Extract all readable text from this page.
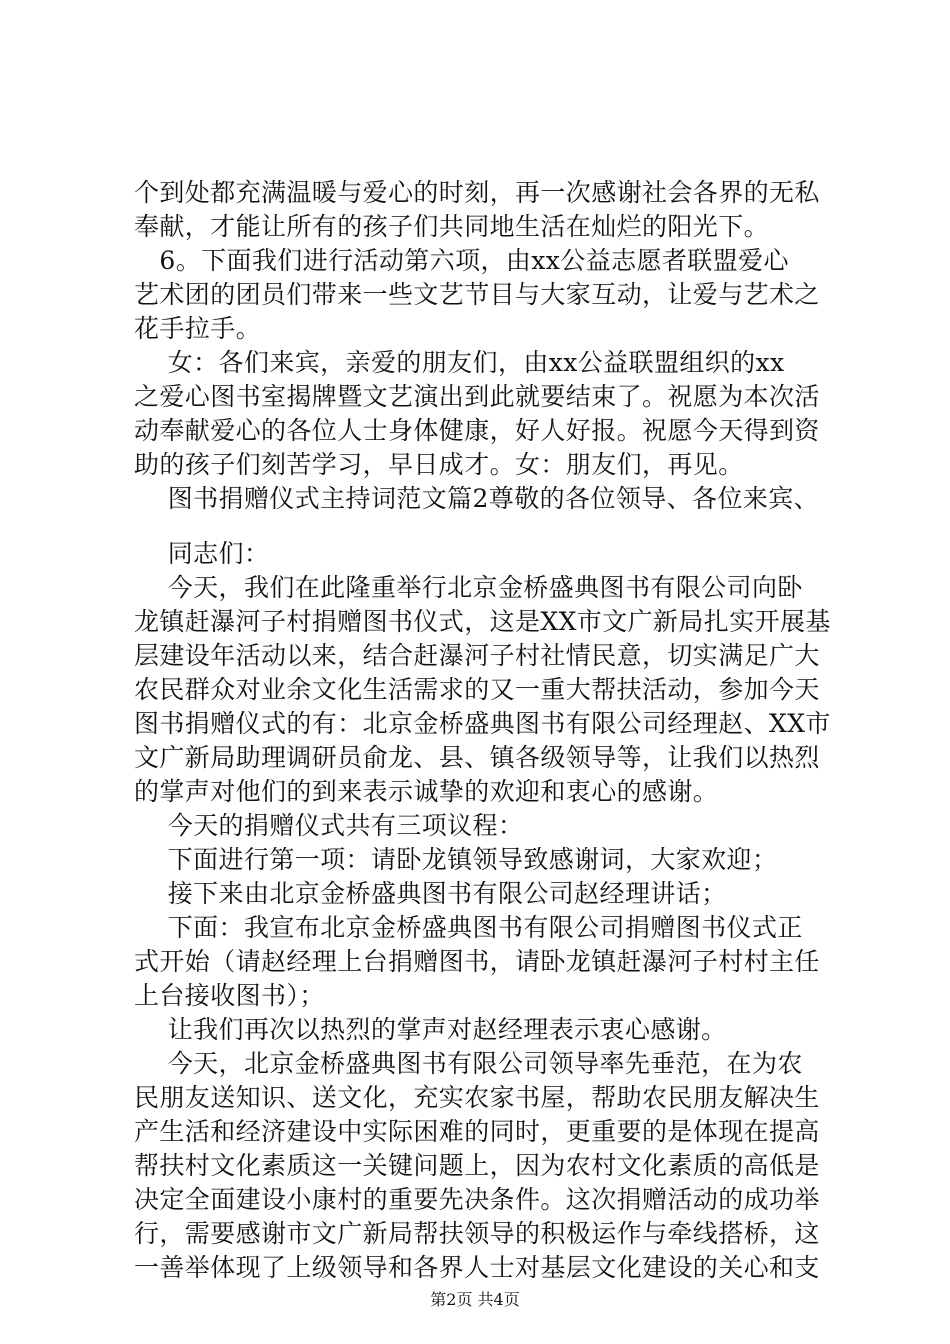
个到处都充满温暖与爱心的时刻，再一次感谢社会各界的无私
奉献，才能让所有的孩子们共同地生活在灿烂的阳光下。
　6。下面我们进行活动第六项，由xx公益志愿者联盟爱心
艺术团的团员们带来一些文艺节目与大家互动，让爱与艺术之
花手拉手。
　 女：各们来宾，亲爱的朋友们，由xx公益联盟组织的xx
之爱心图书室揭牌暨文艺演出到此就要结束了。祝愿为本次活
动奉献爱心的各位人士身体健康，好人好报。祝愿今天得到资
助的孩子们刻苦学习，早日成才。女：朋友们，再见。
　 图书捐赠仪式主持词范文篇2尊敬的各位领导、各位来宾、
　 同志们：
　 今天，我们在此隆重举行北京金桥盛典图书有限公司向卧
龙镇赶瀑河子村捐赠图书仪式，这是XX市文广新局扎实开展基
层建设年活动以来，结合赶瀑河子村社情民意，切实满足广大
农民群众对业余文化生活需求的又一重大帮扶活动，参加今天
图书捐赠仪式的有：北京金桥盛典图书有限公司经理赵、XX市
文广新局助理调研员俞龙、县、镇各级领导等，让我们以热烈
的掌声对他们的到来表示诚挚的欢迎和衷心的感谢。
　 今天的捐赠仪式共有三项议程：
　 下面进行第一项：请卧龙镇领导致感谢词，大家欢迎；
　 接下来由北京金桥盛典图书有限公司赵经理讲话；
　 下面：我宣布北京金桥盛典图书有限公司捐赠图书仪式正
式开始（请赵经理上台捐赠图书，请卧龙镇赶瀑河子村村主任
上台接收图书）；
　 让我们再次以热烈的掌声对赵经理表示衷心感谢。
　 今天，北京金桥盛典图书有限公司领导率先垂范，在为农
民朋友送知识、送文化，充实农家书屋，帮助农民朋友解决生
产生活和经济建设中实际困难的同时，更重要的是体现在提高
帮扶村文化素质这一关键问题上，因为农村文化素质的高低是
决定全面建设小康村的重要先决条件。这次捐赠活动的成功举
行，需要感谢市文广新局帮扶领导的积极运作与牵线搭桥，这
一善举体现了上级领导和各界人士对基层文化建设的关心和支
第2页 共4页
